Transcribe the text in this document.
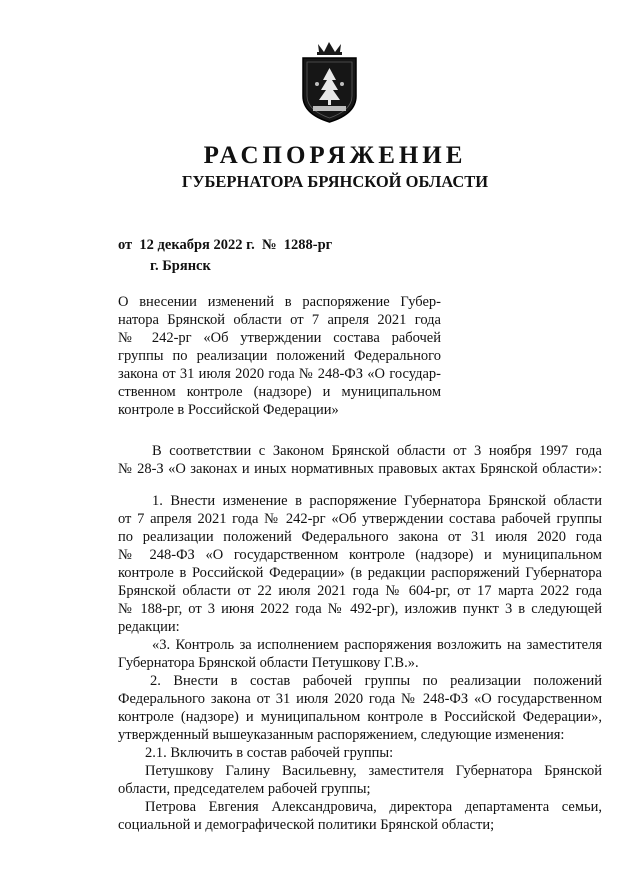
РАСПОРЯЖЕНИЕ
ГУБЕРНАТОРА БРЯНСКОЙ ОБЛАСТИ
от  12 декабря 2022 г.  №  1288-рг
г. Брянск
О внесении изменений в распоряжение Губер-
натора Брянской области от 7 апреля 2021 года
№ 242-рг «Об утверждении состава рабочей
группы по реализации положений Федерального
закона от 31 июля 2020 года № 248-ФЗ «О государ-
ственном контроле (надзоре) и муниципальном
контроле в Российской Федерации»
В соответствии с Законом Брянской области от 3 ноября 1997 года
№ 28-З «О законах и иных нормативных правовых актах Брянской области»:
1. Внести изменение в распоряжение Губернатора Брянской области
от 7 апреля 2021 года № 242-рг «Об утверждении состава рабочей группы
по реализации положений Федерального закона от 31 июля 2020 года
№ 248-ФЗ «О государственном контроле (надзоре) и муниципальном
контроле в Российской Федерации» (в редакции распоряжений Губернатора
Брянской области от 22 июля 2021 года № 604-рг, от 17 марта 2022 года
№ 188-рг, от 3 июня 2022 года № 492-рг), изложив пункт 3 в следующей
редакции:
«3. Контроль за исполнением распоряжения возложить на заместителя
Губернатора Брянской области Петушкову Г.В.».
2. Внести в состав рабочей группы по реализации положений
Федерального закона от 31 июля 2020 года № 248-ФЗ «О государственном
контроле (надзоре) и муниципальном контроле в Российской Федерации»,
утвержденный вышеуказанным распоряжением, следующие изменения:
2.1. Включить в состав рабочей группы:
Петушкову Галину Васильевну, заместителя Губернатора Брянской
области, председателем рабочей группы;
Петрова Евгения Александровича, директора департамента семьи,
социальной и демографической политики Брянской области;
